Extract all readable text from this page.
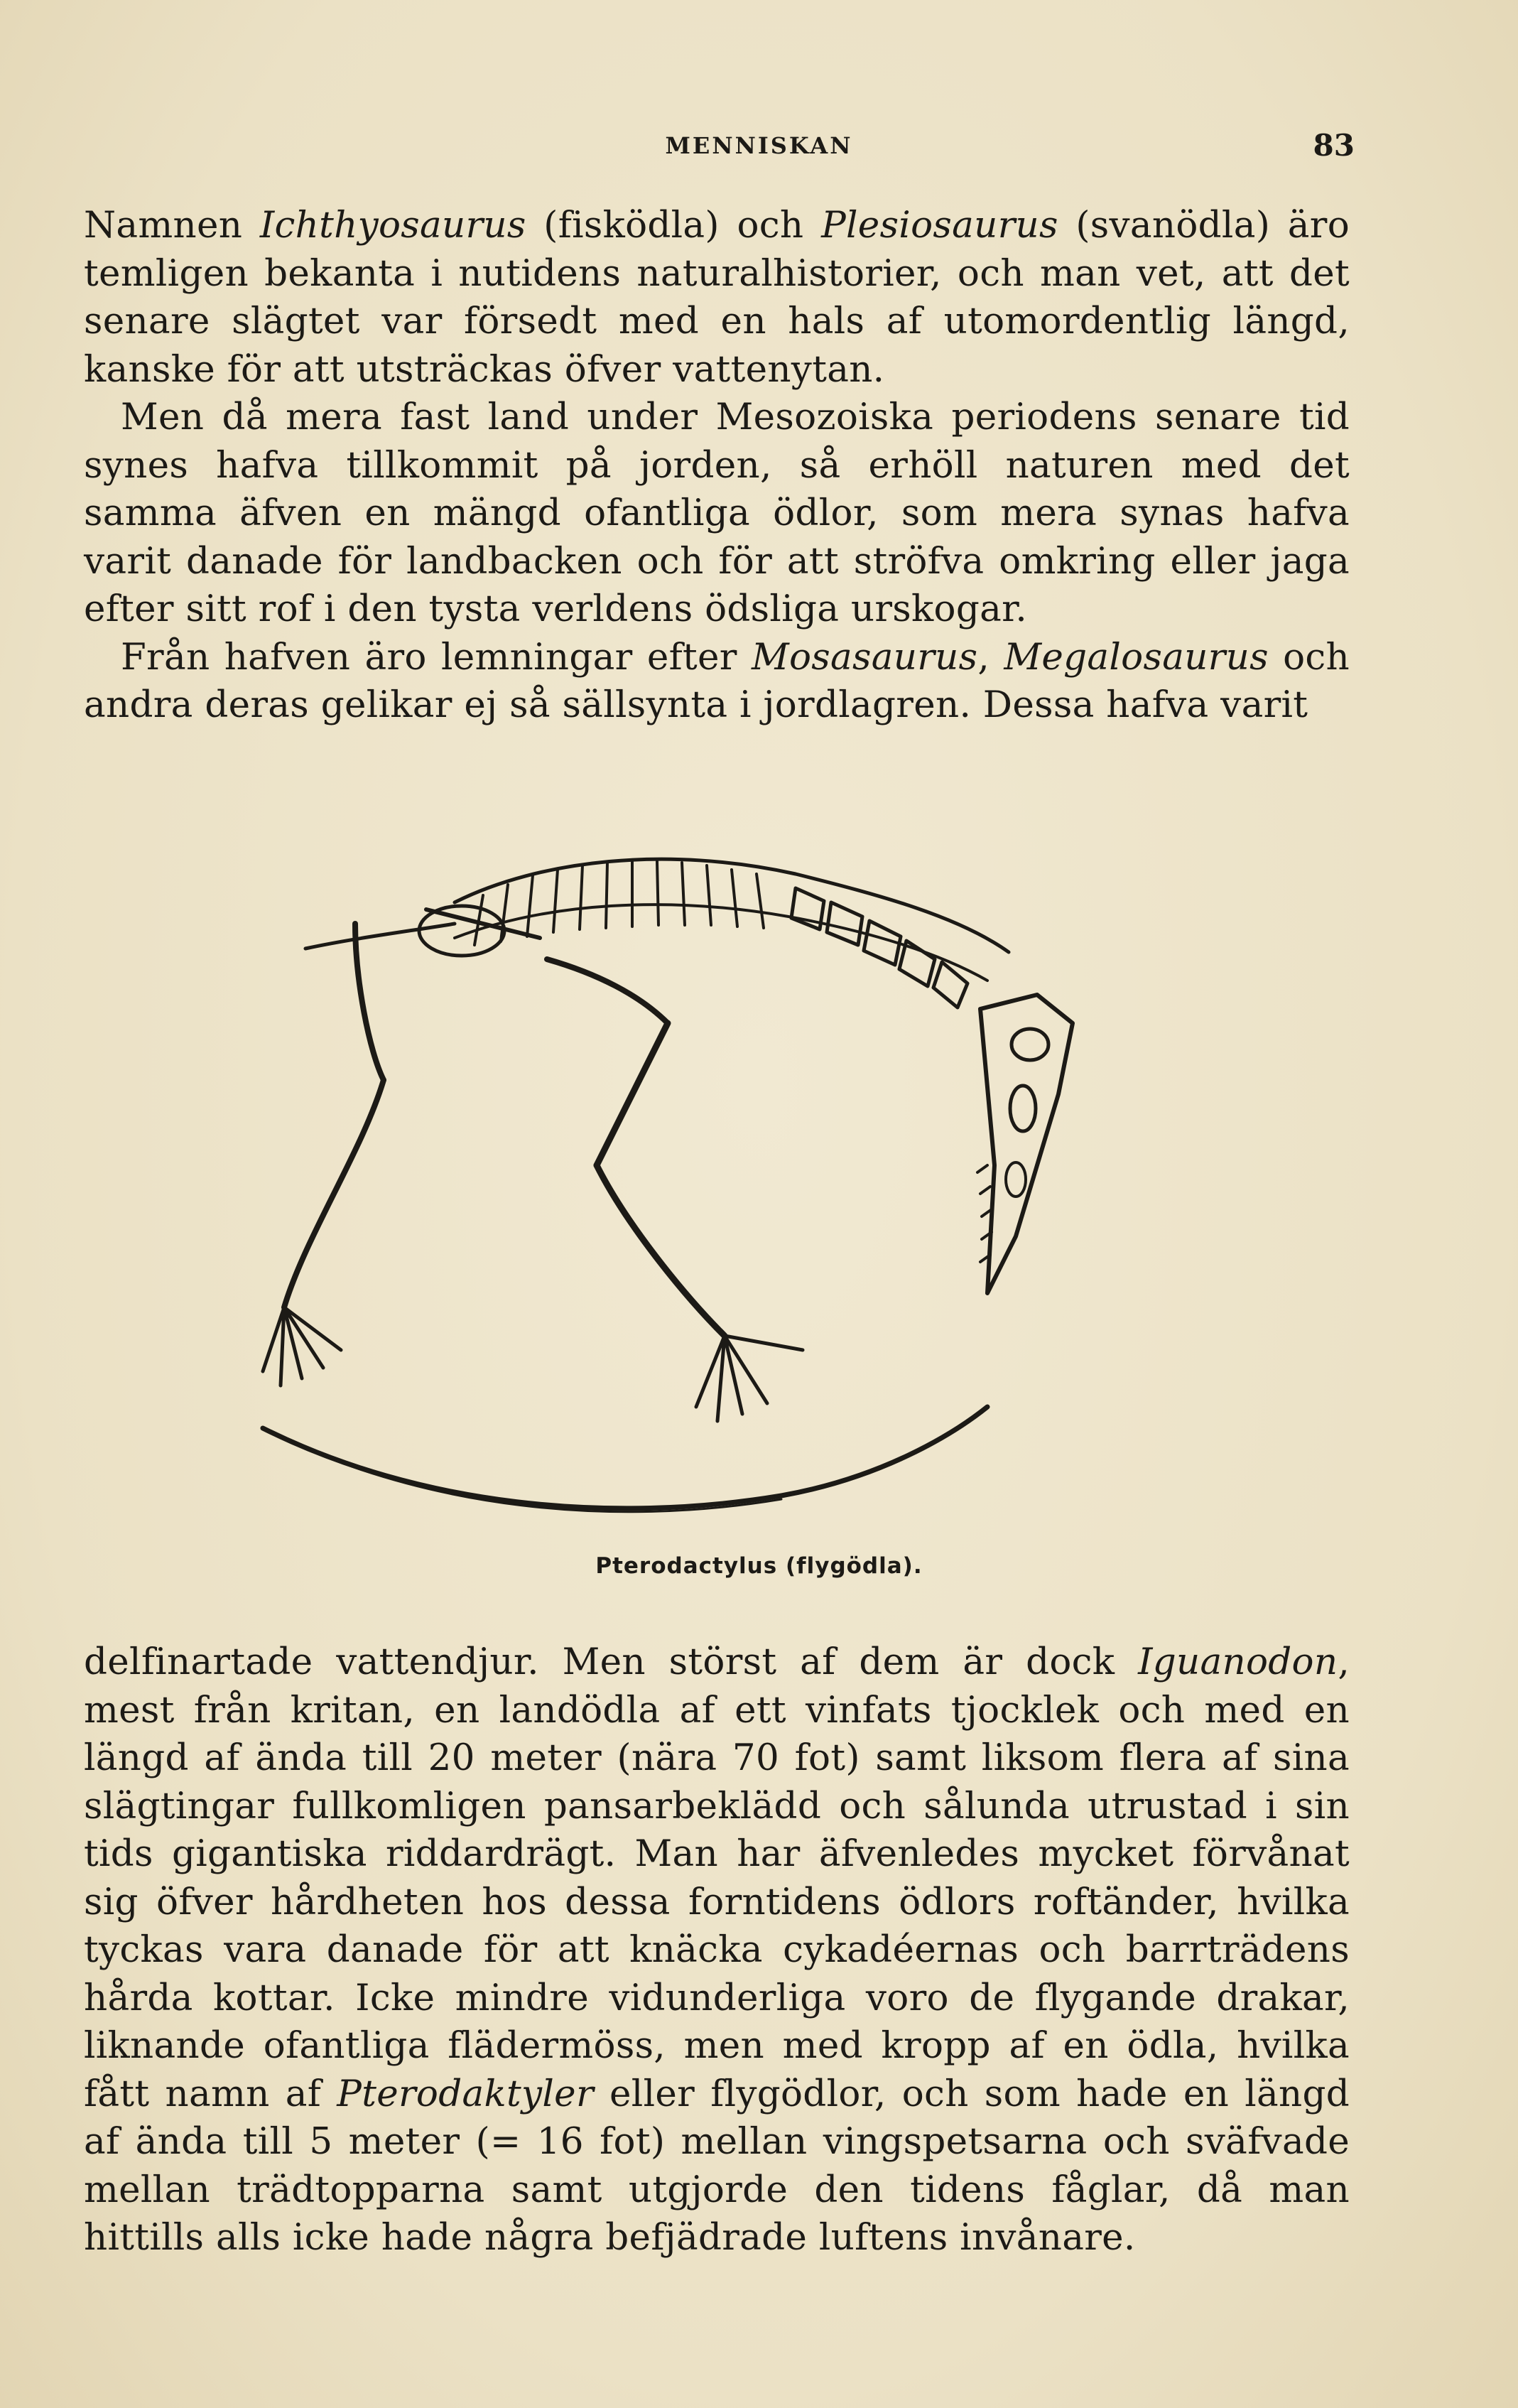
MENNISKAN	83

Namnen Ichthyosaurus (fisködla) och Plesiosaurus (svanödla) äro temligen bekanta i nutidens naturalhistorier, och man vet, att det senare slägtet var försedt med en hals af utomordentlig längd, kanske för att utsträckas öfver vattenytan.

Men då mera fast land under Mesozoiska periodens senare tid synes hafva tillkommit på jorden, så erhöll naturen med det samma äfven en mängd ofantliga ödlor, som mera synas hafva varit danade för landbacken och för att ströfva omkring eller jaga efter sitt rof i den tysta verldens ödsliga urskogar.

Från hafven äro lemningar efter Mosasaurus, Megalosaurus och andra deras gelikar ej så sällsynta i jordlagren. Dessa hafva varit

Pterodactylus (flygödla).

delfinartade vattendjur. Men störst af dem är dock Iguanodon, mest från kritan, en landödla af ett vinfats tjocklek och med en längd af ända till 20 meter (nära 70 fot) samt liksom flera af sina slägtingar fullkomligen pansarbeklädd och sålunda utrustad i sin tids gigantiska riddardrägt. Man har äfvenledes mycket förvånat sig öfver hårdheten hos dessa forntidens ödlors roftänder, hvilka tyckas vara danade för att knäcka cykadéernas och barrträdens hårda kottar. Icke mindre vidunderliga voro de flygande drakar, liknande ofantliga flädermöss, men med kropp af en ödla, hvilka fått namn af Pterodaktyler eller flygödlor, och som hade en längd af ända till 5 meter (= 16 fot) mellan vingspetsarna och sväfvade mellan trädtopparna samt utgjorde den tidens fåglar, då man hittills alls icke hade några befjädrade luftens invånare.
